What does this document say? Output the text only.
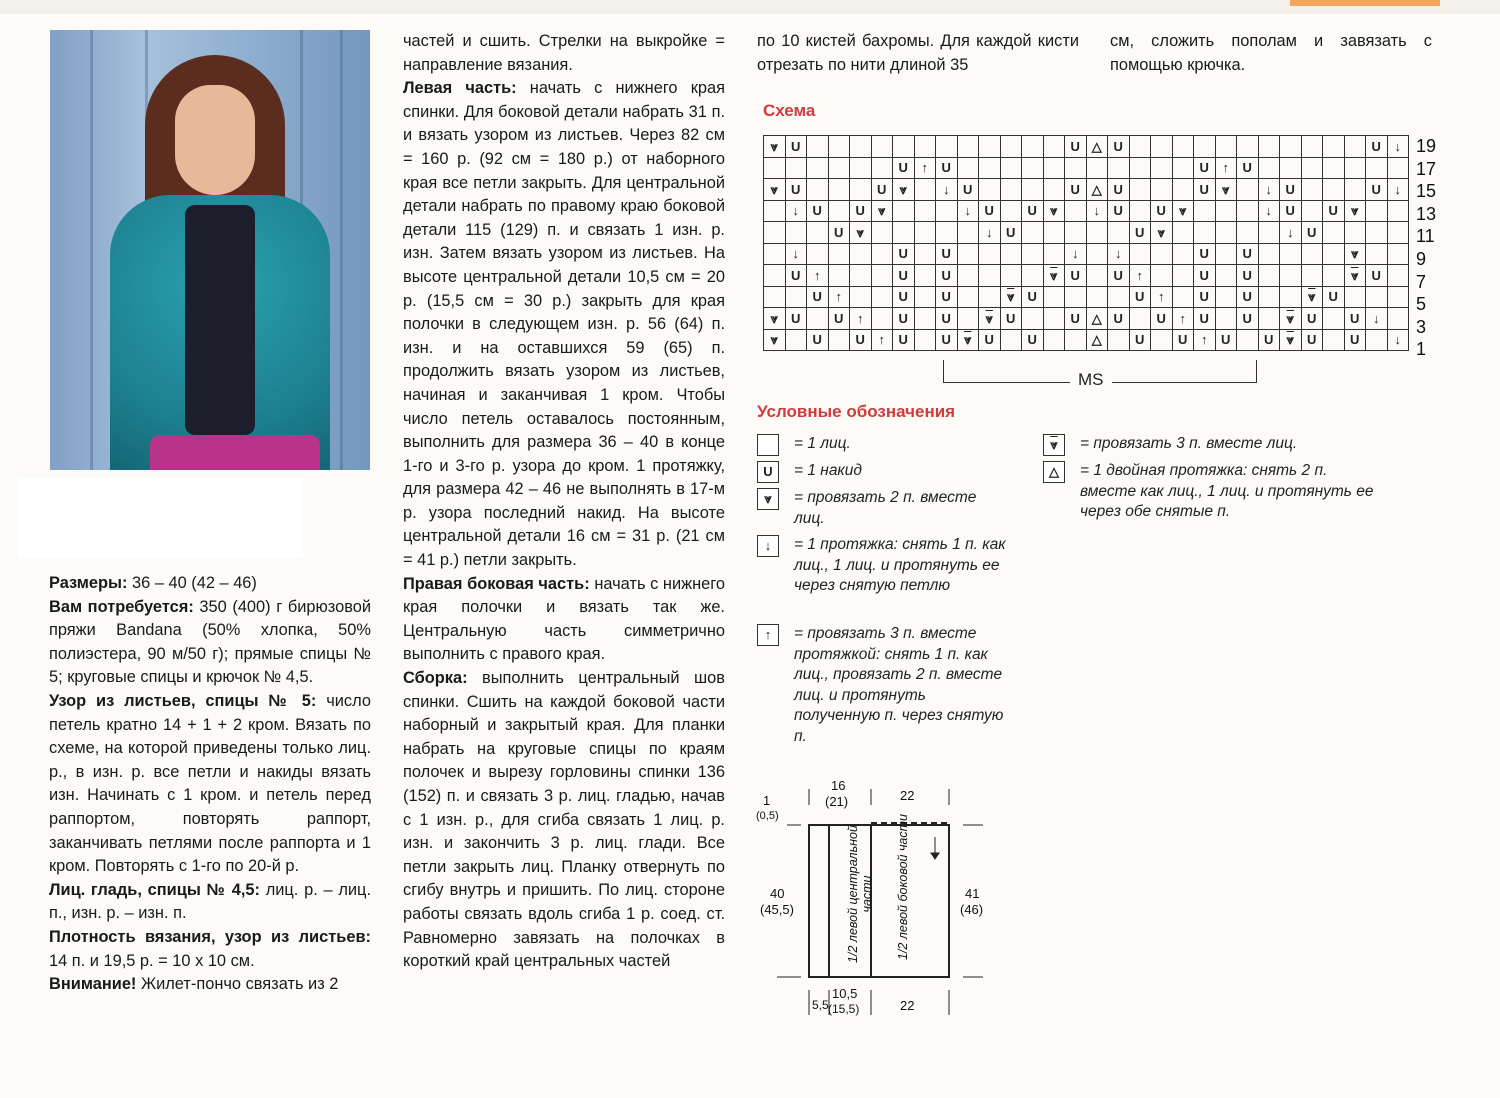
Размеры: 36 – 40 (42 – 46)

Вам потребуется: 350 (400) г бирюзовой пряжи Bandana (50% хлопка, 50% полиэстера, 90 м/50 г); прямые спицы № 5; круговые спицы и крючок № 4,5.

Узор из листьев, спицы № 5: число петель кратно 14 + 1 + 2 кром. Вязать по схеме, на которой приведены только лиц. р., в изн. р. все петли и накиды вязать изн. Начинать с 1 кром. и петель перед раппортом, повторять раппорт, заканчивать петлями после раппорта и 1 кром. Повторять с 1-го по 20-й р.

Лиц. гладь, спицы № 4,5: лиц. р. – лиц. п., изн. р. – изн. п.

Плотность вязания, узор из листьев: 14 п. и 19,5 р. = 10 х 10 см.

Внимание! Жилет-пончо связать из 2

частей и сшить. Стрелки на выкройке = направление вязания.

Левая часть: начать с нижнего края спинки. Для боковой детали набрать 31 п. и вязать узором из листьев. Через 82 см = 160 р. (92 см = 180 р.) от наборного края все петли закрыть. Для центральной детали набрать по правому краю боковой детали 115 (129) п. и связать 1 изн. р. изн. Затем вязать узором из листьев. На высоте центральной детали 10,5 см = 20 р. (15,5 см = 30 р.) закрыть для края полочки в следующем изн. р. 56 (64) п. изн. и на оставшихся 59 (65) п. продолжить вязать узором из листьев, начиная и заканчивая 1 кром. Чтобы число петель оставалось постоянным, выполнить для размера 36 – 40 в конце 1-го и 3-го р. узора до кром. 1 протяжку, для размера 42 – 46 не выполнять в 17-м р. узора последний накид. На высоте центральной детали 16 см = 31 р. (21 см = 41 р.) петли закрыть.

Правая боковая часть: начать с нижнего края полочки и вязать так же. Центральную часть симметрично выполнить с правого края.

Сборка: выполнить центральный шов спинки. Сшить на каждой боковой части наборный и закрытый края. Для планки набрать на круговые спицы по краям полочек и вырезу горловины спинки 136 (152) п. и связать 3 р. лиц. гладью, начав с 1 изн. р., для сгиба связать 1 лиц. р. изн. и закончить 3 р. лиц. глади. Все петли закрыть лиц. Планку отвернуть по сгибу внутрь и пришить. По лиц. стороне работы связать вдоль сгиба 1 р. соед. ст. Равномерно завязать на полочках в короткий край центральных частей

по 10 кистей бахромы. Для каждой кисти отрезать по нити длиной 35

см, сложить пополам и завязать с помощью крючка.

Схема
⩔	U													U	△	U												U	↓
						U	↑	U												U	↑	U							
⩔	U				U	⩔		↓	U					U	△	U				U	⩔		↓	U				U	↓
	↓	U		U	⩔				↓	U		U	⩔		↓	U		U	⩔				↓	U		U	⩔		
			U	⩔						↓	U						U	⩔						↓	U				
	↓					U		U						↓		↓				U		U					⩔		
	U	↑				U		U					⩔	U		U	↑			U		U					⩔	U	
		U	↑			U		U			⩔	U					U	↑		U		U			⩔	U			
⩔	U		U	↑		U		U		⩔	U			U	△	U		U	↑	U		U		⩔	U		U	↓	
⩔		U		U	↑	U		U	⩔	U		U			△		U		U	↑	U		U	⩔	U		U		↓
19
17
15
13
11
9
7
5
3
1
MS
Условные обозначения
= 1 лиц.
U	= 1 накид
⩔	= провязать 2 п. вместе лиц.
↓	= 1 протяжка: снять 1 п. как лиц., 1 лиц. и протянуть ее через снятую петлю
↑	= провязать 3 п. вместе протяжкой: снять 1 п. как лиц., провязать 2 п. вместе лиц. и протянуть полученную п. через снятую п.
⩔	= провязать 3 п. вместе лиц.
△	= 1 двойная протяжка: снять 2 п. вместе как лиц., 1 лиц. и протянуть ее через обе снятые п.
1
(0,5)
16
(21)	22
40
(45,5)
41
(46)
5,5
10,5
(15,5)	22
1/2 левой центральной части 1/2 левой боковой части
